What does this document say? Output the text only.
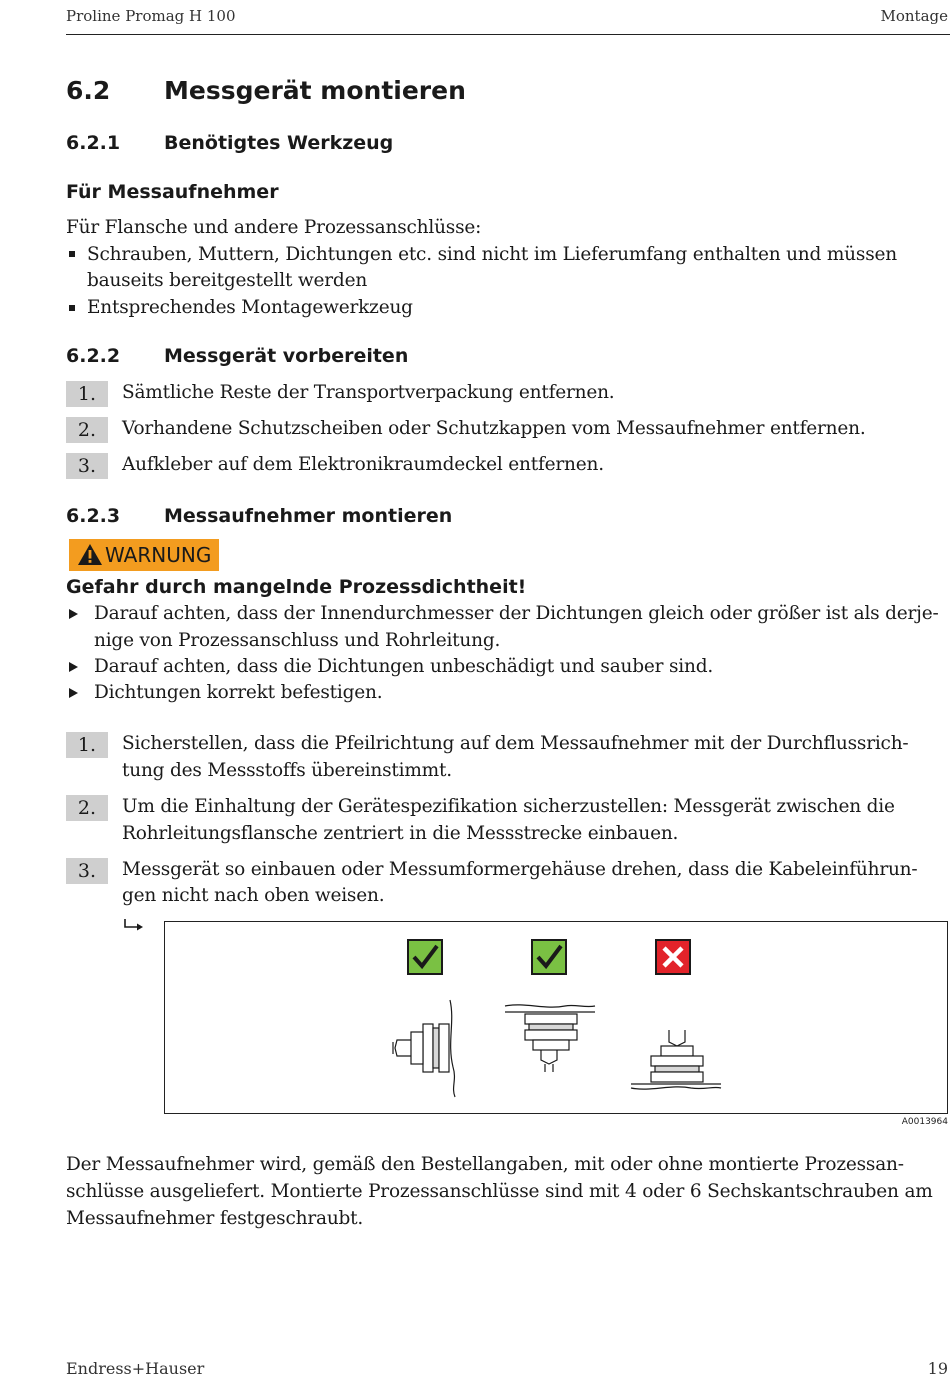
Proline Promag H 100	Montage
6.2 Messgerät montieren
6.2.1 Benötigtes Werkzeug
Für Messaufnehmer
Für Flansche und andere Prozessanschlüsse:
Schrauben, Muttern, Dichtungen etc. sind nicht im Lieferumfang enthalten und müssen
bauseits bereitgestellt werden
Entsprechendes Montagewerkzeug
6.2.2 Messgerät vorbereiten
1.	Sämtliche Reste der Transportverpackung entfernen.
2.	Vorhandene Schutzscheiben oder Schutzkappen vom Messaufnehmer entfernen.
3.	Aufkleber auf dem Elektronikraumdeckel entfernen.
6.2.3 Messaufnehmer montieren
WARNUNG
Gefahr durch mangelnde Prozessdichtheit!
Darauf achten, dass der Innendurchmesser der Dichtungen gleich oder größer ist als derje-
nige von Prozessanschluss und Rohrleitung.
Darauf achten, dass die Dichtungen unbeschädigt und sauber sind.
Dichtungen korrekt befestigen.
1.	Sicherstellen, dass die Pfeilrichtung auf dem Messaufnehmer mit der Durchflussrich-
tung des Messstoffs übereinstimmt.
2.	Um die Einhaltung der Gerätespezifikation sicherzustellen: Messgerät zwischen die
Rohrleitungsflansche zentriert in die Messstrecke einbauen.
3.	Messgerät so einbauen oder Messumformergehäuse drehen, dass die Kabeleinführun-
gen nicht nach oben weisen.
A0013964
Der Messaufnehmer wird, gemäß den Bestellangaben, mit oder ohne montierte Prozessan-
schlüsse ausgeliefert. Montierte Prozessanschlüsse sind mit 4 oder 6 Sechskantschrauben am
Messaufnehmer festgeschraubt.
Endress+Hauser	19
